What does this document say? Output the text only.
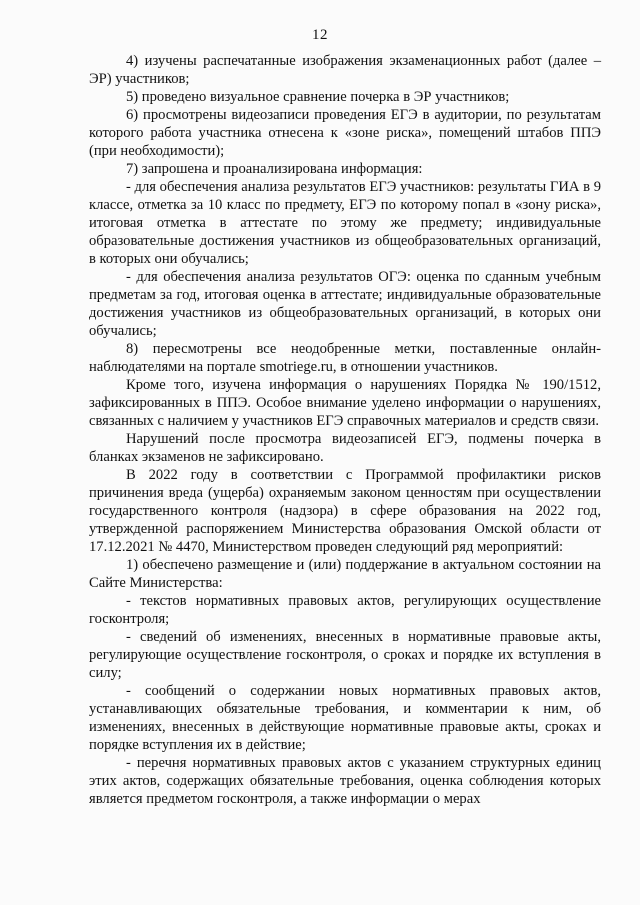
12

4) изучены распечатанные изображения экзаменационных работ (далее – ЭР) участников;

5) проведено визуальное сравнение почерка в ЭР участников;

6) просмотрены видеозаписи проведения ЕГЭ в аудитории, по результатам которого работа участника отнесена к «зоне риска», помещений штабов ППЭ (при необходимости);

7) запрошена и проанализирована информация:

- для обеспечения анализа результатов ЕГЭ участников: результаты ГИА в 9 классе, отметка за 10 класс по предмету, ЕГЭ по которому попал в «зону риска», итоговая отметка в аттестате по этому же предмету; индивидуальные образовательные достижения участников из общеобразовательных организаций, в которых они обучались;

- для обеспечения анализа результатов ОГЭ: оценка по сданным учебным предметам за год, итоговая оценка в аттестате; индивидуальные образовательные достижения участников из общеобразовательных организаций, в которых они обучались;

8) пересмотрены все неодобренные метки, поставленные онлайн-наблюдателями на портале smotriege.ru, в отношении участников.

Кроме того, изучена информация о нарушениях Порядка № 190/1512, зафиксированных в ППЭ. Особое внимание уделено информации о нарушениях, связанных с наличием у участников ЕГЭ справочных материалов и средств связи.

Нарушений после просмотра видеозаписей ЕГЭ, подмены почерка в бланках экзаменов не зафиксировано.

В 2022 году в соответствии с Программой профилактики рисков причинения вреда (ущерба) охраняемым законом ценностям при осуществлении государственного контроля (надзора) в сфере образования на 2022 год, утвержденной распоряжением Министерства образования Омской области от 17.12.2021 № 4470, Министерством проведен следующий ряд мероприятий:

1) обеспечено размещение и (или) поддержание в актуальном состоянии на Сайте Министерства:

- текстов нормативных правовых актов, регулирующих осуществление госконтроля;

- сведений об изменениях, внесенных в нормативные правовые акты, регулирующие осуществление госконтроля, о сроках и порядке их вступления в силу;

- сообщений о содержании новых нормативных правовых актов, устанавливающих обязательные требования, и комментарии к ним, об изменениях, внесенных в действующие нормативные правовые акты, сроках и порядке вступления их в действие;

- перечня нормативных правовых актов с указанием структурных единиц этих актов, содержащих обязательные требования, оценка соблюдения которых является предметом госконтроля, а также информации о мерах
